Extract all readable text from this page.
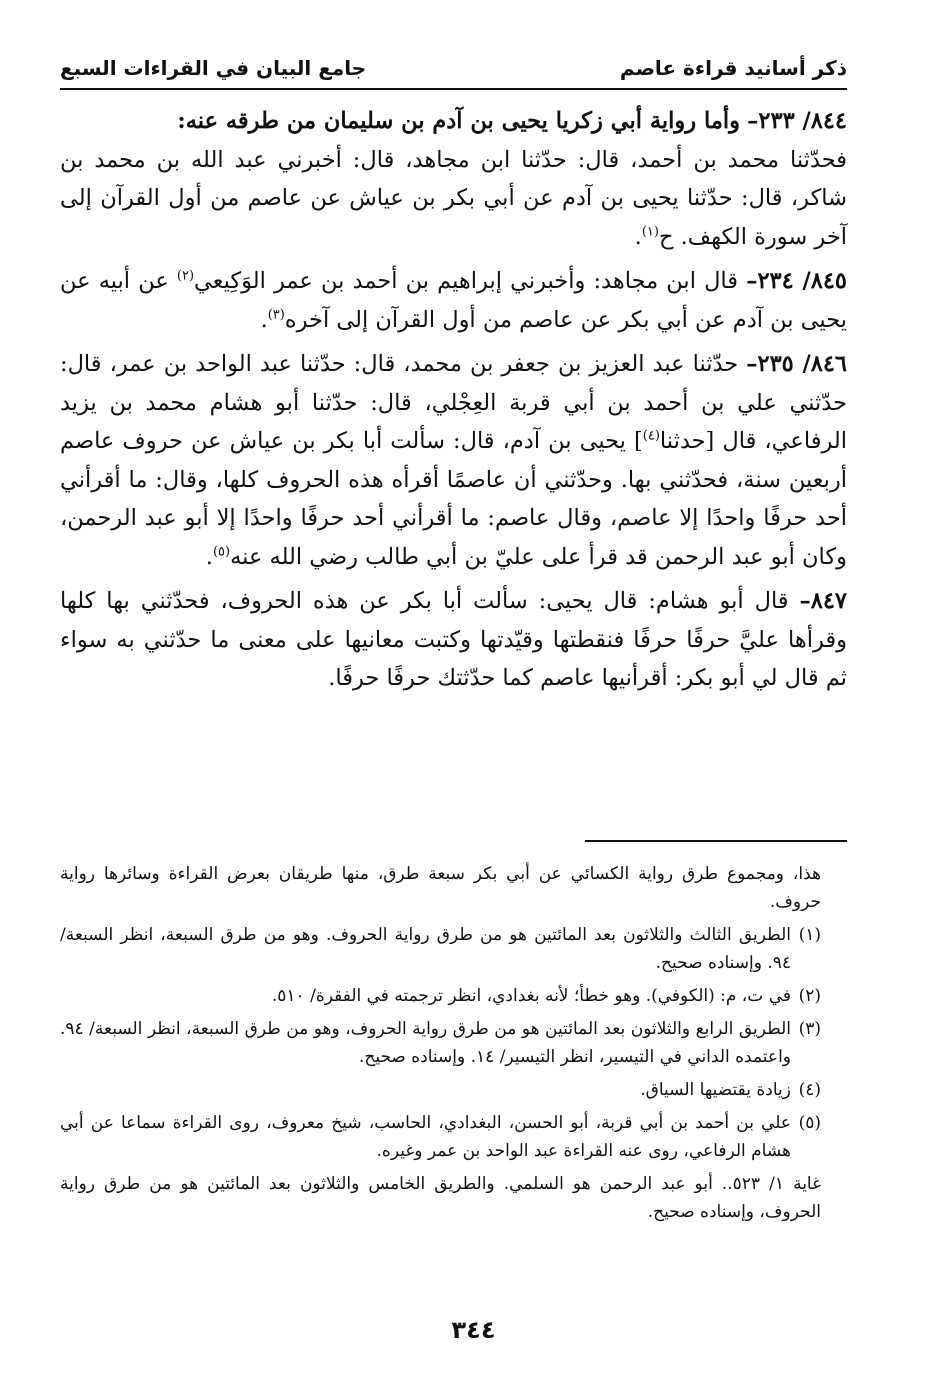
ذكر أسانيد قراءة عاصم
جامع البيان في القراءات السبع

٨٤٤/ ٢٣٣– وأما رواية أبي زكريا يحيى بن آدم بن سليمان من طرقه عنه:
فحدّثنا محمد بن أحمد، قال: حدّثنا ابن مجاهد، قال: أخبرني عبد الله بن محمد بن شاكر، قال: حدّثنا يحيى بن آدم عن أبي بكر بن عياش عن عاصم من أول القرآن إلى آخر سورة الكهف. ح$^{(١)}$.

٨٤٥/ ٢٣٤– قال ابن مجاهد: وأخبرني إبراهيم بن أحمد بن عمر الوَكِيعي$^{(٢)}$ عن أبيه عن يحيى بن آدم عن أبي بكر عن عاصم من أول القرآن إلى آخره$^{(٣)}$.

٨٤٦/ ٢٣٥– حدّثنا عبد العزيز بن جعفر بن محمد، قال: حدّثنا عبد الواحد بن عمر، قال: حدّثني علي بن أحمد بن أبي قربة العِجْلي، قال: حدّثنا أبو هشام محمد بن يزيد الرفاعي، قال [حدثنا$^{(٤)}$] يحيى بن آدم، قال: سألت أبا بكر بن عياش عن حروف عاصم أربعين سنة، فحدّثني بها. وحدّثني أن عاصمًا أقرأه هذه الحروف كلها، وقال: ما أقرأني أحد حرفًا واحدًا إلا عاصم، وقال عاصم: ما أقرأني أحد حرفًا واحدًا إلا أبو عبد الرحمن، وكان أبو عبد الرحمن قد قرأ على عليّ بن أبي طالب رضي الله عنه$^{(٥)}$.

٨٤٧– قال أبو هشام: قال يحيى: سألت أبا بكر عن هذه الحروف، فحدّثني بها كلها وقرأها عليَّ حرفًا حرفًا فنقطتها وقيّدتها وكتبت معانيها على معنى ما حدّثني به سواء ثم قال لي أبو بكر: أقرأنيها عاصم كما حدّثتك حرفًا حرفًا.

هذا، ومجموع طرق رواية الكسائي عن أبي بكر سبعة طرق، منها طريقان بعرض القراءة وسائرها رواية حروف.

(١)
الطريق الثالث والثلاثون بعد المائتين هو من طرق رواية الحروف. وهو من طرق السبعة، انظر السبعة/ ٩٤. وإسناده صحيح.

(٢)
في ت، م: (الكوفي). وهو خطأ؛ لأنه بغدادي، انظر ترجمته في الفقرة/ ٥١٠.

(٣)
الطريق الرابع والثلاثون بعد المائتين هو من طرق رواية الحروف، وهو من طرق السبعة، انظر السبعة/ ٩٤. واعتمده الداني في التيسير، انظر التيسير/ ١٤. وإسناده صحيح.

(٤)
زيادة يقتضيها السياق.

(٥)
علي بن أحمد بن أبي قربة، أبو الحسن، البغدادي، الحاسب، شيخ معروف، روى القراءة سماعا عن أبي هشام الرفاعي، روى عنه القراءة عبد الواحد بن عمر وغيره.

غاية ١/ ٥٢٣.. أبو عبد الرحمن هو السلمي. والطريق الخامس والثلاثون بعد المائتين هو من طرق رواية الحروف، وإسناده صحيح.

٣٤٤
